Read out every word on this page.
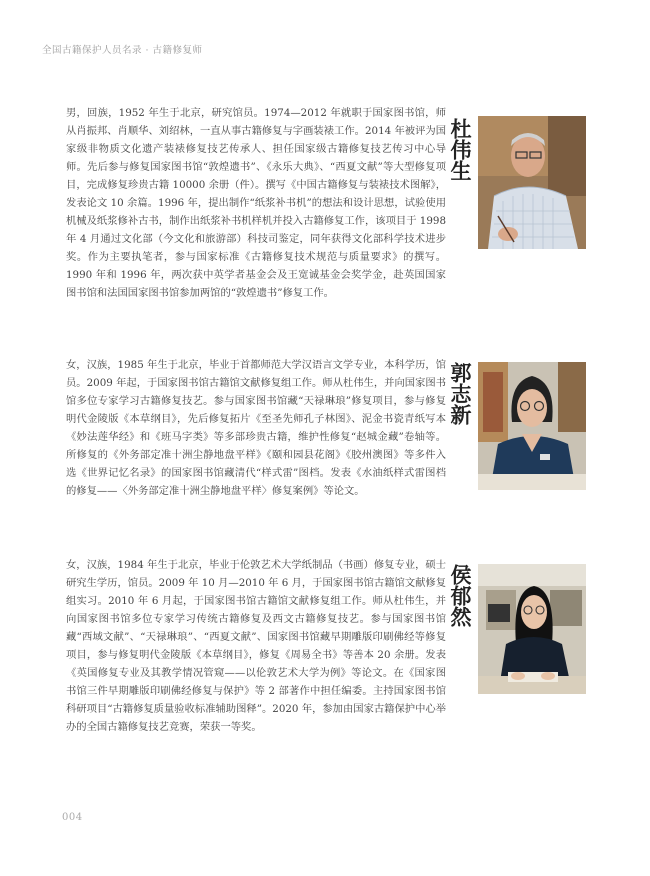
全国古籍保护人员名录 · 古籍修复师
男，回族，1952 年生于北京，研究馆员。1974—2012 年就职于国家图书馆，师从肖振邦、肖顺华、刘绍林，一直从事古籍修复与字画装裱工作。2014 年被评为国家级非物质文化遗产装裱修复技艺传承人、担任国家级古籍修复技艺传习中心导师。先后参与修复国家图书馆“敦煌遗书”、《永乐大典》、“西夏文献”等大型修复项目，完成修复珍贵古籍 10000 余册（件）。撰写《中国古籍修复与装裱技术图解》，发表论文 10 余篇。1996 年，提出制作“纸浆补书机”的想法和设计思想，试验使用机械及纸浆修补古书，制作出纸浆补书机样机并投入古籍修复工作，该项目于 1998 年 4 月通过文化部（今文化和旅游部）科技司鉴定，同年获得文化部科学技术进步奖。作为主要执笔者，参与国家标准《古籍修复技术规范与质量要求》的撰写。1990 年和 1996 年，两次获中英学者基金会及王宽诚基金会奖学金，赴英国国家图书馆和法国国家图书馆参加两馆的“敦煌遗书”修复工作。
杜伟生
女，汉族，1985 年生于北京，毕业于首都师范大学汉语言文学专业，本科学历，馆员。2009 年起，于国家图书馆古籍馆文献修复组工作。师从杜伟生，并向国家图书馆多位专家学习古籍修复技艺。参与国家图书馆藏“天禄琳琅”修复项目，参与修复明代金陵版《本草纲目》，先后修复拓片《至圣先师孔子林图》、泥金书瓷青纸写本《妙法莲华经》和《班马字类》等多部珍贵古籍，维护性修复“赵城金藏”卷轴等。所修复的《外务部定准十洲尘静地盘平样》《颐和园县花阁》《胶州澳图》等多件入选《世界记忆名录》的国家图书馆藏清代“样式雷”图档。发表《水油纸样式雷图档的修复——〈外务部定准十洲尘静地盘平样〉修复案例》等论文。
郭志新
女，汉族，1984 年生于北京，毕业于伦敦艺术大学纸制品（书画）修复专业，硕士研究生学历，馆员。2009 年 10 月—2010 年 6 月，于国家图书馆古籍馆文献修复组实习。2010 年 6 月起，于国家图书馆古籍馆文献修复组工作。师从杜伟生，并向国家图书馆多位专家学习传统古籍修复及西文古籍修复技艺。参与国家图书馆藏“西域文献”、“天禄琳琅”、“西夏文献”、国家图书馆藏早期雕版印刷佛经等修复项目，参与修复明代金陵版《本草纲目》，修复《周易全书》等善本 20 余册。发表《英国修复专业及其教学情况管窥——以伦敦艺术大学为例》等论文。在《国家图书馆三件早期雕版印刷佛经修复与保护》等 2 部著作中担任编委。主持国家图书馆科研项目“古籍修复质量验收标准辅助图释”。2020 年，参加由国家古籍保护中心举办的全国古籍修复技艺竞赛，荣获一等奖。
侯郁然
004
